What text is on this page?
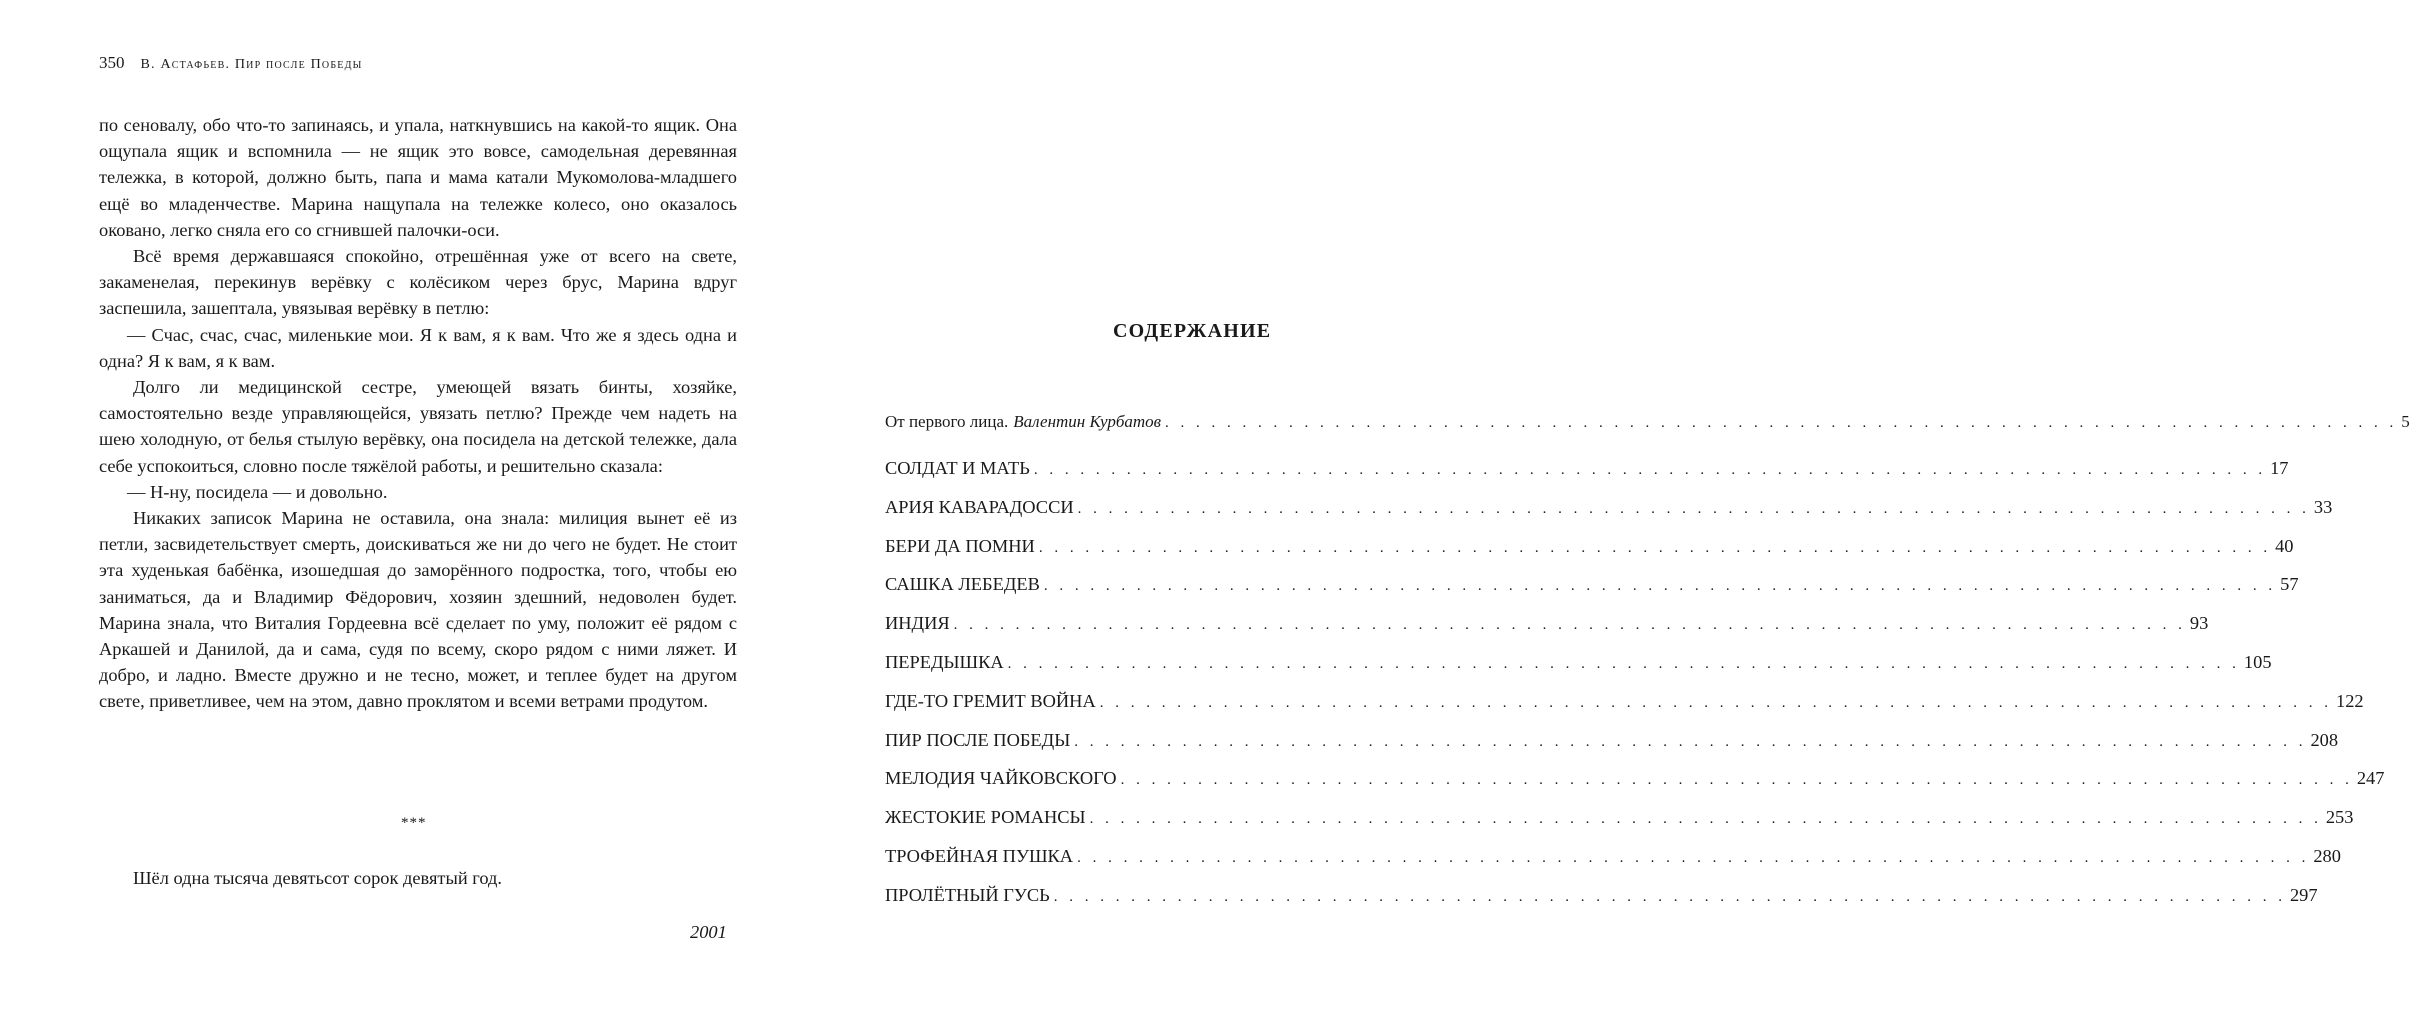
350 В. Астафьев. Пир после Победы

по сеновалу, обо что-то запинаясь, и упала, наткнувшись на какой-то ящик. Она ощупала ящик и вспомнила — не ящик это вовсе, самодельная деревянная тележка, в которой, должно быть, папа и мама катали Мукомолова-младшего ещё во младенчестве. Марина нащупала на тележке колесо, оно оказалось оковано, легко сняла его со сгнившей палочки-оси.

Всё время державшаяся спокойно, отрешённая уже от всего на свете, закаменелая, перекинув верёвку с колёсиком через брус, Марина вдруг заспешила, зашептала, увязывая верёвку в петлю:

— Счас, счас, счас, миленькие мои. Я к вам, я к вам. Что же я здесь одна и одна? Я к вам, я к вам.

Долго ли медицинской сестре, умеющей вязать бинты, хозяйке, самостоятельно везде управляющейся, увязать петлю? Прежде чем надеть на шею холодную, от белья стылую верёвку, она посидела на детской тележке, дала себе успокоиться, словно после тяжёлой работы, и решительно сказала:

— Н-ну, посидела — и довольно.

Никаких записок Марина не оставила, она знала: милиция вынет её из петли, засвидетельствует смерть, доискиваться же ни до чего не будет. Не стоит эта худенькая бабёнка, изошедшая до заморённого подростка, того, чтобы ею заниматься, да и Владимир Фёдорович, хозяин здешний, недоволен будет. Марина знала, что Виталия Гордеевна всё сделает по уму, положит её рядом с Аркашей и Данилой, да и сама, судя по всему, скоро рядом с ними ляжет. И добро, и ладно. Вместе дружно и не тесно, может, и теплее будет на другом свете, приветливее, чем на этом, давно проклятом и всеми ветрами продутом.

***
Шёл одна тысяча девятьсот сорок девятый год.
2001
СОДЕРЖАНИЕ
От первого лица. Валентин Курбатов . . . . . . . . . . . . . . . . . . . . . . . . . . . . . . . . . . . . . . . . . . . . . . . . . . . . . . . . . . . . . . . . . . . . . . . . . . . . . . . . 5
СОЛДАТ И МАТЬ . . . . . . . . . . . . . . . . . . . . . . . . . . . . . . . . . . . . . . . . . . . . . . . . . . . . . . . . . . . . . . . . . . . . . . . . . . . . . . . . 17
АРИЯ КАВАРАДОССИ . . . . . . . . . . . . . . . . . . . . . . . . . . . . . . . . . . . . . . . . . . . . . . . . . . . . . . . . . . . . . . . . . . . . . . . . . . . . . . . . 33
БЕРИ ДА ПОМНИ . . . . . . . . . . . . . . . . . . . . . . . . . . . . . . . . . . . . . . . . . . . . . . . . . . . . . . . . . . . . . . . . . . . . . . . . . . . . . . . . 40
САШКА ЛЕБЕДЕВ . . . . . . . . . . . . . . . . . . . . . . . . . . . . . . . . . . . . . . . . . . . . . . . . . . . . . . . . . . . . . . . . . . . . . . . . . . . . . . . . 57
ИНДИЯ . . . . . . . . . . . . . . . . . . . . . . . . . . . . . . . . . . . . . . . . . . . . . . . . . . . . . . . . . . . . . . . . . . . . . . . . . . . . . . . . 93
ПЕРЕДЫШКА . . . . . . . . . . . . . . . . . . . . . . . . . . . . . . . . . . . . . . . . . . . . . . . . . . . . . . . . . . . . . . . . . . . . . . . . . . . . . . . . 105
ГДЕ-ТО ГРЕМИТ ВОЙНА . . . . . . . . . . . . . . . . . . . . . . . . . . . . . . . . . . . . . . . . . . . . . . . . . . . . . . . . . . . . . . . . . . . . . . . . . . . . . . . . 122
ПИР ПОСЛЕ ПОБЕДЫ . . . . . . . . . . . . . . . . . . . . . . . . . . . . . . . . . . . . . . . . . . . . . . . . . . . . . . . . . . . . . . . . . . . . . . . . . . . . . . . . 208
МЕЛОДИЯ ЧАЙКОВСКОГО . . . . . . . . . . . . . . . . . . . . . . . . . . . . . . . . . . . . . . . . . . . . . . . . . . . . . . . . . . . . . . . . . . . . . . . . . . . . . . . . 247
ЖЕСТОКИЕ РОМАНСЫ . . . . . . . . . . . . . . . . . . . . . . . . . . . . . . . . . . . . . . . . . . . . . . . . . . . . . . . . . . . . . . . . . . . . . . . . . . . . . . . . 253
ТРОФЕЙНАЯ ПУШКА . . . . . . . . . . . . . . . . . . . . . . . . . . . . . . . . . . . . . . . . . . . . . . . . . . . . . . . . . . . . . . . . . . . . . . . . . . . . . . . . 280
ПРОЛЁТНЫЙ ГУСЬ . . . . . . . . . . . . . . . . . . . . . . . . . . . . . . . . . . . . . . . . . . . . . . . . . . . . . . . . . . . . . . . . . . . . . . . . . . . . . . . . 297
